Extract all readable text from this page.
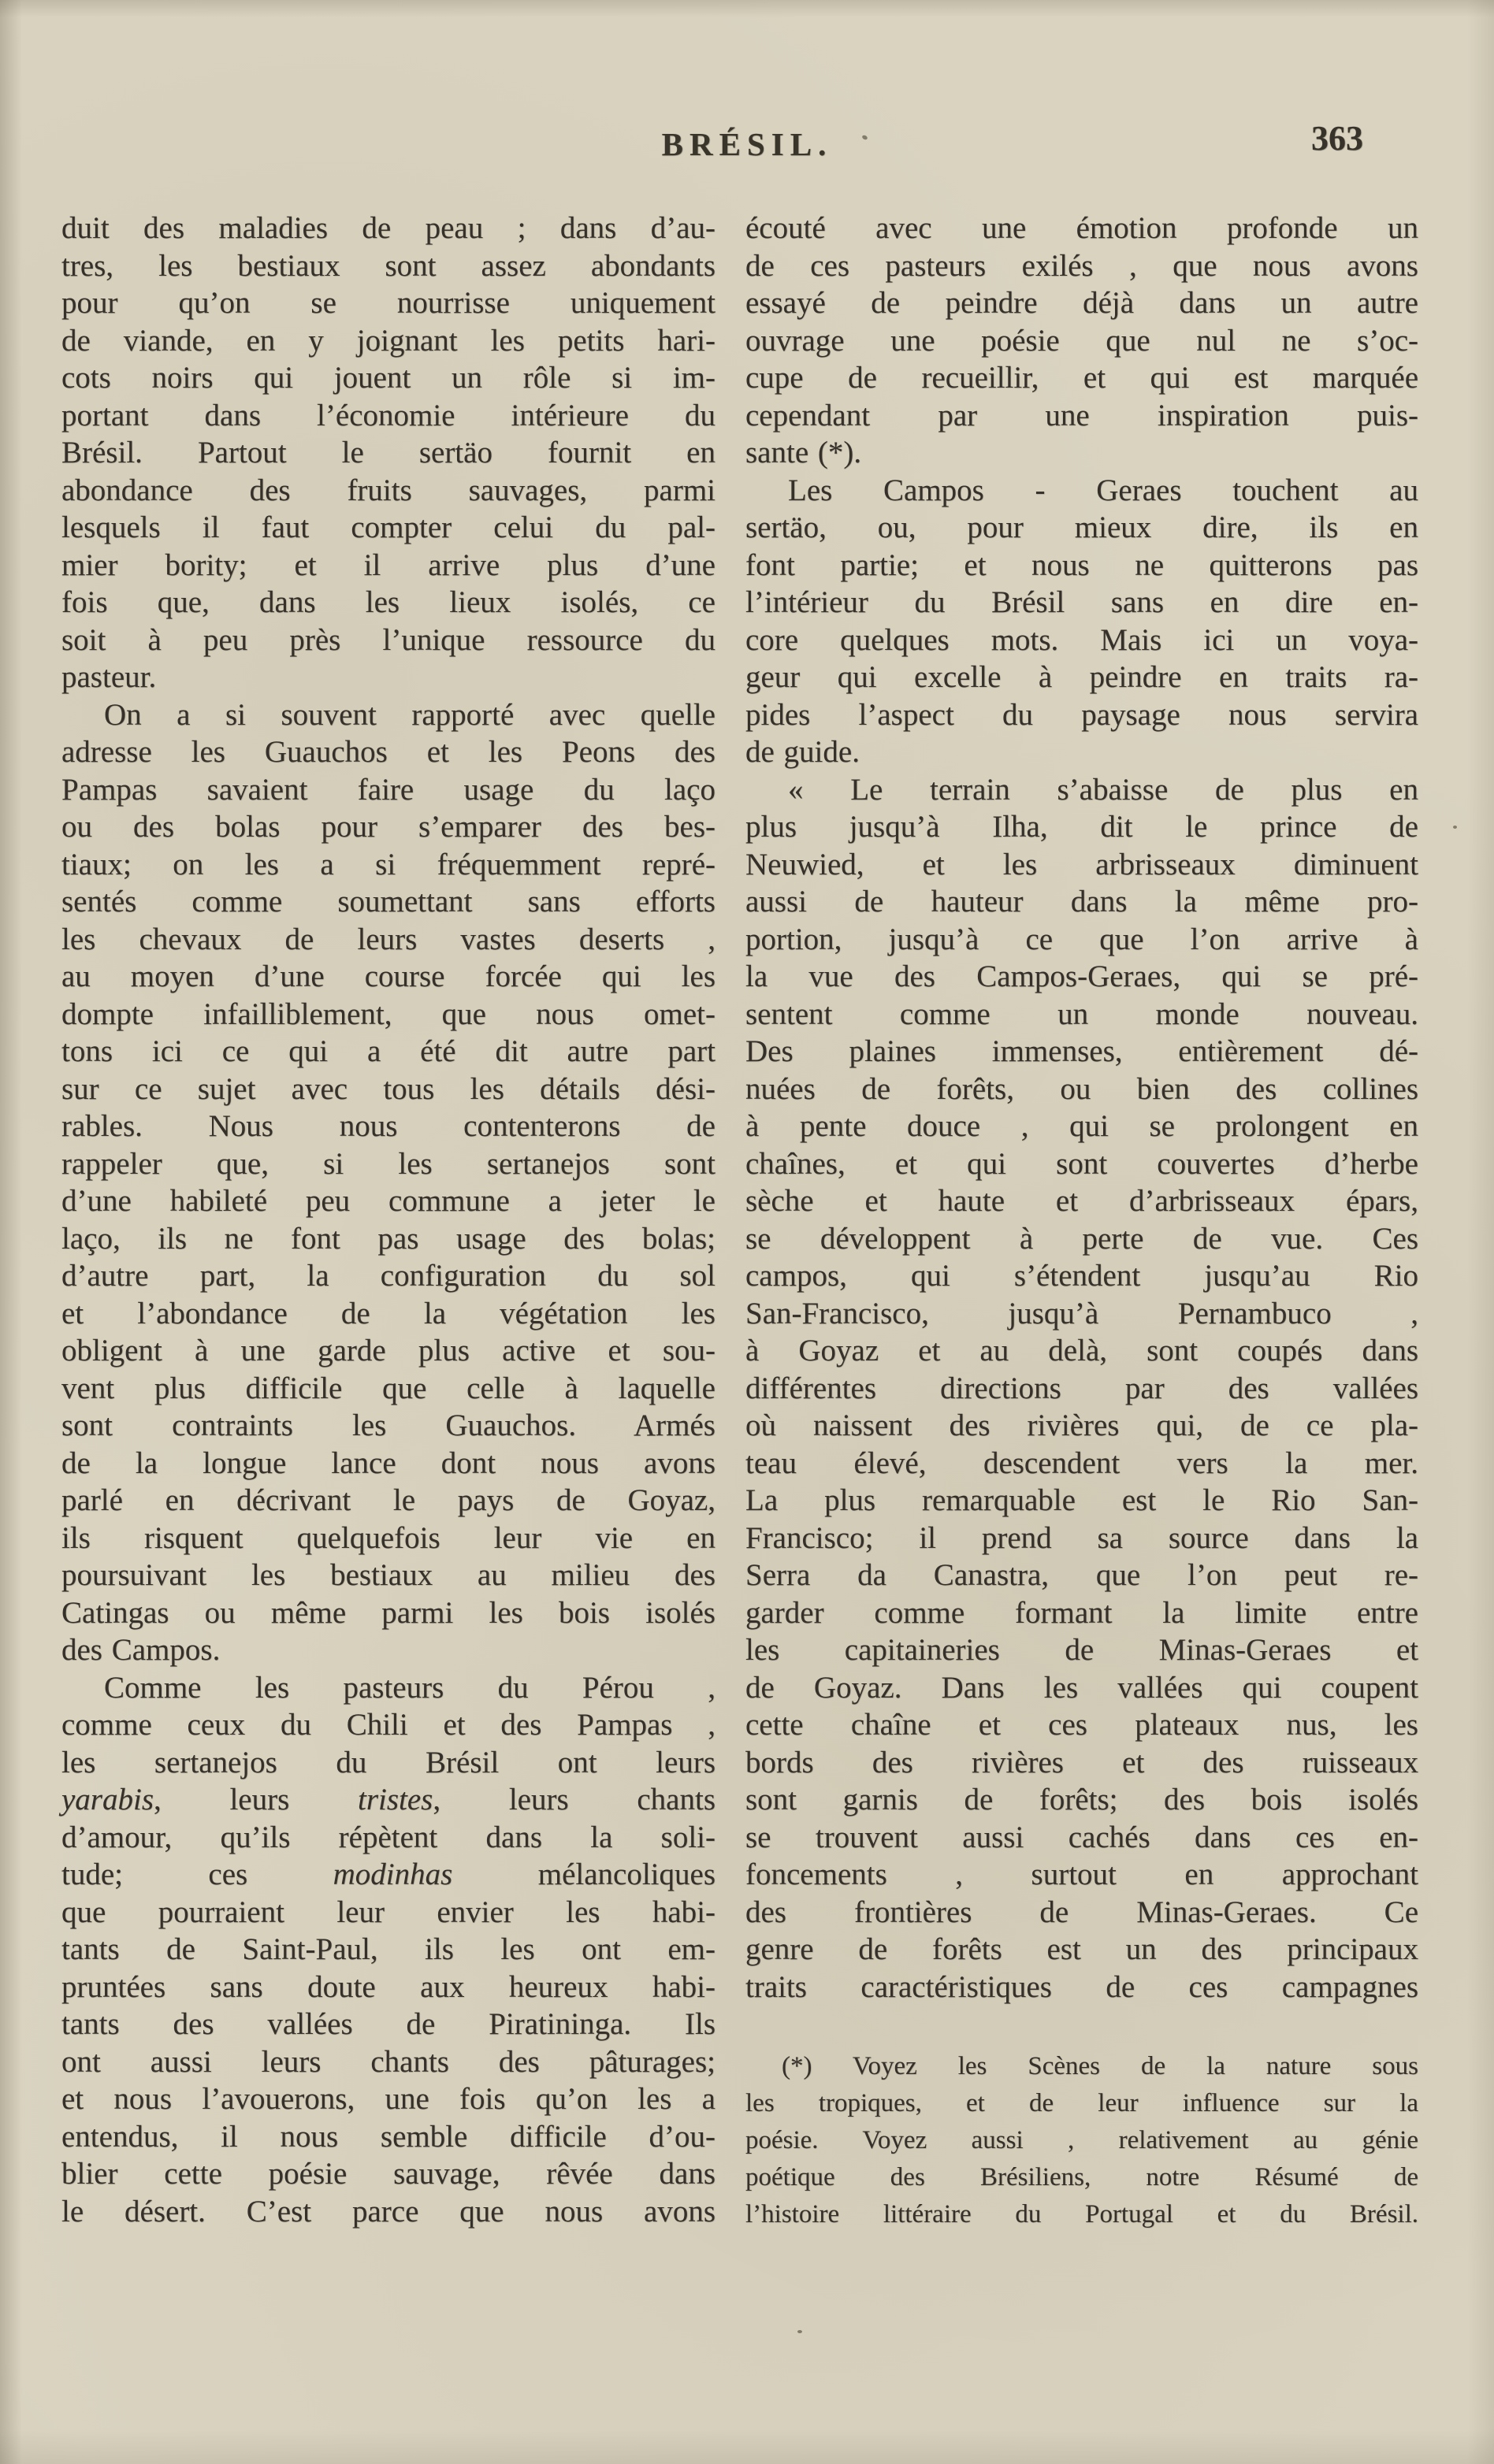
BRÉSIL.	363
duit des maladies de peau ; dans d’au-
tres, les bestiaux sont assez abondants
pour qu’on se nourrisse uniquement
de viande, en y joignant les petits hari-
cots noirs qui jouent un rôle si im-
portant dans l’économie intérieure du
Brésil. Partout le sertäo fournit en
abondance des fruits sauvages, parmi
lesquels il faut compter celui du pal-
mier bority; et il arrive plus d’une
fois que, dans les lieux isolés, ce
soit à peu près l’unique ressource du
pasteur.
On a si souvent rapporté avec quelle
adresse les Guauchos et les Peons des
Pampas savaient faire usage du laço
ou des bolas pour s’emparer des bes-
tiaux; on les a si fréquemment repré-
sentés comme soumettant sans efforts
les chevaux de leurs vastes deserts ,
au moyen d’une course forcée qui les
dompte infailliblement, que nous omet-
tons ici ce qui a été dit autre part
sur ce sujet avec tous les détails dési-
rables. Nous nous contenterons de
rappeler que, si les sertanejos sont
d’une habileté peu commune a jeter le
laço, ils ne font pas usage des bolas;
d’autre part, la configuration du sol
et l’abondance de la végétation les
obligent à une garde plus active et sou-
vent plus difficile que celle à laquelle
sont contraints les Guauchos. Armés
de la longue lance dont nous avons
parlé en décrivant le pays de Goyaz,
ils risquent quelquefois leur vie en
poursuivant les bestiaux au milieu des
Catingas ou même parmi les bois isolés
des Campos.
Comme les pasteurs du Pérou ,
comme ceux du Chili et des Pampas ,
les sertanejos du Brésil ont leurs
yarabis, leurs tristes, leurs chants
d’amour, qu’ils répètent dans la soli-
tude; ces modinhas mélancoliques
que pourraient leur envier les habi-
tants de Saint-Paul, ils les ont em-
pruntées sans doute aux heureux habi-
tants des vallées de Piratininga. Ils
ont aussi leurs chants des pâturages;
et nous l’avouerons, une fois qu’on les a
entendus, il nous semble difficile d’ou-
blier cette poésie sauvage, rêvée dans
le désert. C’est parce que nous avons
écouté avec une émotion profonde un
de ces pasteurs exilés , que nous avons
essayé de peindre déjà dans un autre
ouvrage une poésie que nul ne s’oc-
cupe de recueillir, et qui est marquée
cependant par une inspiration puis-
sante (*).
Les Campos - Geraes touchent au
sertäo, ou, pour mieux dire, ils en
font partie; et nous ne quitterons pas
l’intérieur du Brésil sans en dire en-
core quelques mots. Mais ici un voya-
geur qui excelle à peindre en traits ra-
pides l’aspect du paysage nous servira
de guide.
« Le terrain s’abaisse de plus en
plus jusqu’à Ilha, dit le prince de
Neuwied, et les arbrisseaux diminuent
aussi de hauteur dans la même pro-
portion, jusqu’à ce que l’on arrive à
la vue des Campos-Geraes, qui se pré-
sentent comme un monde nouveau.
Des plaines immenses, entièrement dé-
nuées de forêts, ou bien des collines
à pente douce , qui se prolongent en
chaînes, et qui sont couvertes d’herbe
sèche et haute et d’arbrisseaux épars,
se développent à perte de vue. Ces
campos, qui s’étendent jusqu’au Rio
San-Francisco, jusqu’à Pernambuco ,
à Goyaz et au delà, sont coupés dans
différentes directions par des vallées
où naissent des rivières qui, de ce pla-
teau élevé, descendent vers la mer.
La plus remarquable est le Rio San-
Francisco; il prend sa source dans la
Serra da Canastra, que l’on peut re-
garder comme formant la limite entre
les capitaineries de Minas-Geraes et
de Goyaz. Dans les vallées qui coupent
cette chaîne et ces plateaux nus, les
bords des rivières et des ruisseaux
sont garnis de forêts; des bois isolés
se trouvent aussi cachés dans ces en-
foncements , surtout en approchant
des frontières de Minas-Geraes. Ce
genre de forêts est un des principaux
traits caractéristiques de ces campagnes
(*) Voyez les Scènes de la nature sous
les tropiques, et de leur influence sur la
poésie. Voyez aussi , relativement au génie
poétique des Brésiliens, notre Résumé de
l’histoire littéraire du Portugal et du Brésil.
